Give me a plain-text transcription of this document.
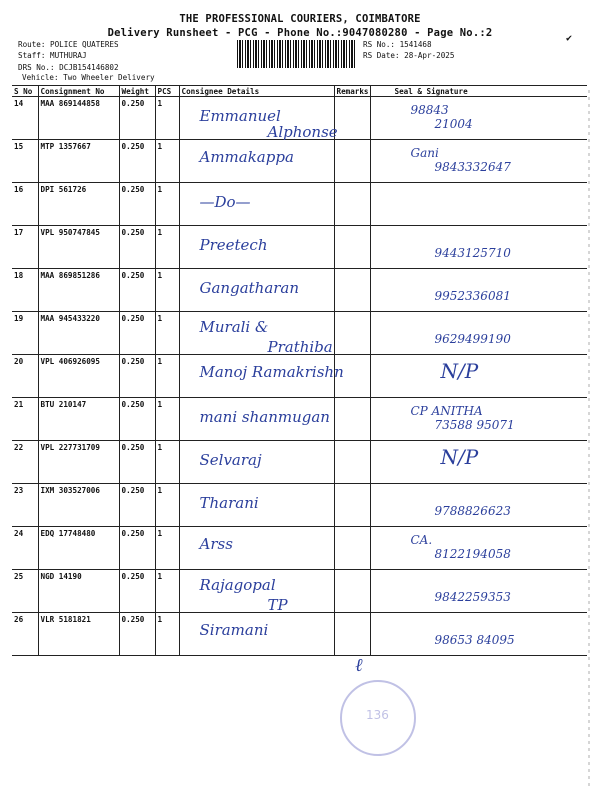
THE PROFESSIONAL COURIERS, COIMBATORE
Delivery Runsheet - PCG - Phone No.:9047080280 - Page No.:2	✔
Route: POLICE QUATERES
Staff: MUTHURAJ
DRS No.: DCJB154146802
Vehicle: Two Wheeler Delivery
RS No.: 1541468
RS Date: 28-Apr-2025
S No	Consignment No	Weight	PCS	Consignee Details	Remarks	Seal & Signature
14	MAA 869144858	0.250	1	Emmanuel
Alphonse		98843
21004

15	MTP 1357667	0.250	1	Ammakappa		Gani
9843332647

16	DPI 561726	0.250	1	—Do—		

17	VPL 950747845	0.250	1	Preetech		9443125710

18	MAA 869851286	0.250	1	Gangatharan		9952336081

19	MAA 945433220	0.250	1	Murali &
Prathiba		9629499190

20	VPL 406926095	0.250	1	Manoj Ramakrishn		N/P

21	BTU 210147	0.250	1	mani shanmugan		CP ANITHA
73588 95071

22	VPL 227731709	0.250	1	Selvaraj		N/P

23	IXM 303527006	0.250	1	Tharani		9788826623

24	EDQ 17748480	0.250	1	Arss		CA.
8122194058

25	NGD 14190	0.250	1	Rajagopal
TP		9842259353

26	VLR 5181821	0.250	1	Siramani		98653 84095
ℓ
136
